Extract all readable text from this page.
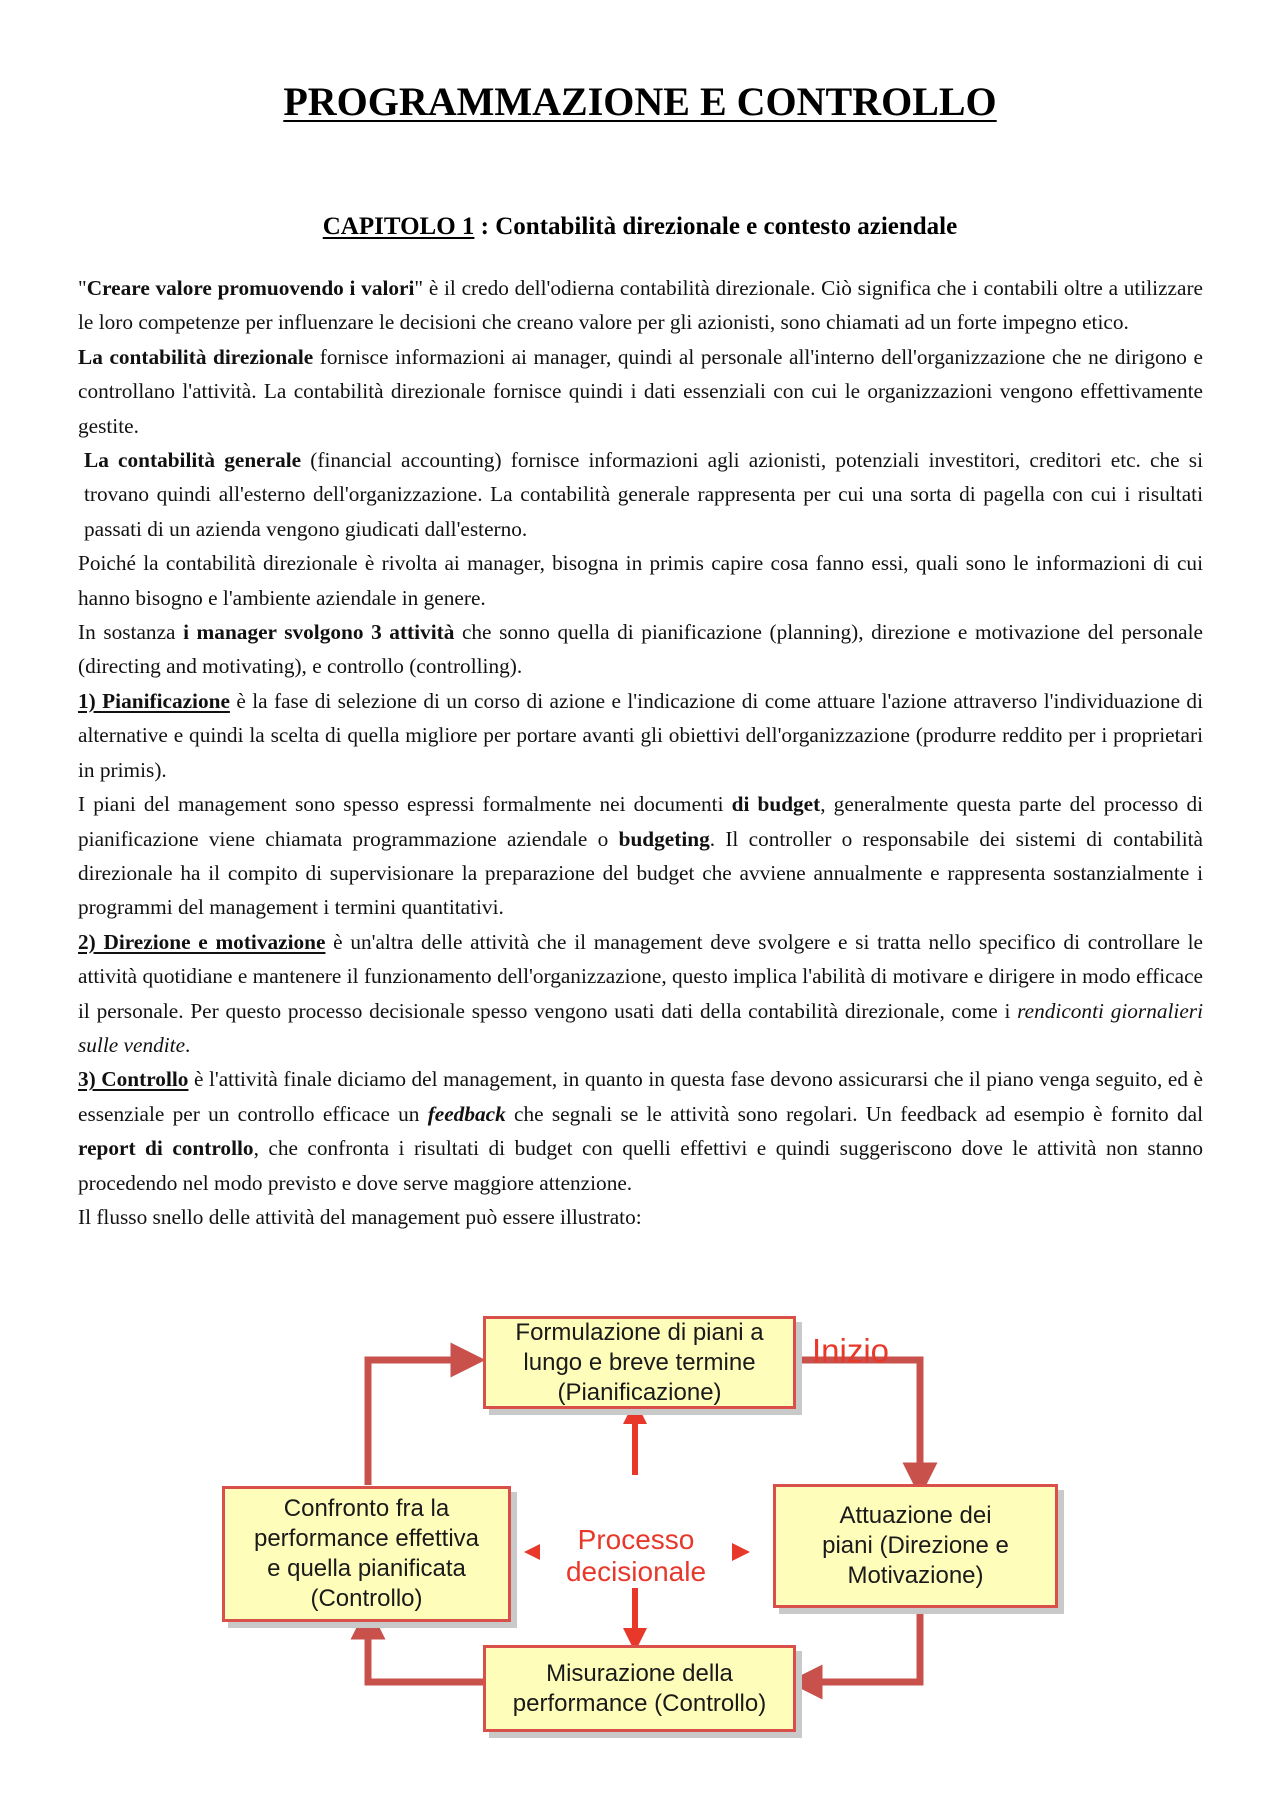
PROGRAMMAZIONE E CONTROLLO
CAPITOLO 1 : Contabilità direzionale e contesto aziendale

"Creare valore promuovendo i valori" è il credo dell'odierna contabilità direzionale. Ciò significa che i contabili oltre a utilizzare le loro competenze per influenzare le decisioni che creano valore per gli azionisti, sono chiamati ad un forte impegno etico.

La contabilità direzionale fornisce informazioni ai manager, quindi al personale all'interno dell'organizzazione che ne dirigono e controllano l'attività. La contabilità direzionale fornisce quindi i dati essenziali con cui le organizzazioni vengono effettivamente gestite.

La contabilità generale (financial accounting) fornisce informazioni agli azionisti, potenziali investitori, creditori etc. che si trovano quindi all'esterno dell'organizzazione. La contabilità generale rappresenta per cui una sorta di pagella con cui i risultati passati di un azienda vengono giudicati dall'esterno.

Poiché la contabilità direzionale è rivolta ai manager, bisogna in primis capire cosa fanno essi, quali sono le informazioni di cui hanno bisogno e l'ambiente aziendale in genere.

In sostanza i manager svolgono 3 attività che sonno quella di pianificazione (planning), direzione e motivazione del personale (directing and motivating), e controllo (controlling).

1) Pianificazione è la fase di selezione di un corso di azione e l'indicazione di come attuare l'azione attraverso l'individuazione di alternative e quindi la scelta di quella migliore per portare avanti gli obiettivi dell'organizzazione (produrre reddito per i proprietari in primis).

I piani del management sono spesso espressi formalmente nei documenti di budget, generalmente questa parte del processo di pianificazione viene chiamata programmazione aziendale o budgeting. Il controller o responsabile dei sistemi di contabilità direzionale ha il compito di supervisionare la preparazione del budget che avviene annualmente e rappresenta sostanzialmente i programmi del management i termini quantitativi.

2) Direzione e motivazione è un'altra delle attività che il management deve svolgere e si tratta nello specifico di controllare le attività quotidiane e mantenere il funzionamento dell'organizzazione, questo implica l'abilità di motivare e dirigere in modo efficace il personale. Per questo processo decisionale spesso vengono usati dati della contabilità direzionale, come i rendiconti giornalieri sulle vendite.

3) Controllo è l'attività finale diciamo del management, in quanto in questa fase devono assicurarsi che il piano venga seguito, ed è essenziale per un controllo efficace un feedback che segnali se le attività sono regolari. Un feedback ad esempio è fornito dal report di controllo, che confronta i risultati di budget con quelli effettivi e quindi suggeriscono dove le attività non stanno procedendo nel modo previsto e dove serve maggiore attenzione.

Il flusso snello delle attività del management può essere illustrato:

Formulazione di piani a
lungo e breve termine
(Pianificazione)
Attuazione dei
piani (Direzione e
Motivazione)
Misurazione della
performance (Controllo)
Confronto fra la
performance effettiva
e quella pianificata
(Controllo)
Inizio
Processo
decisionale
